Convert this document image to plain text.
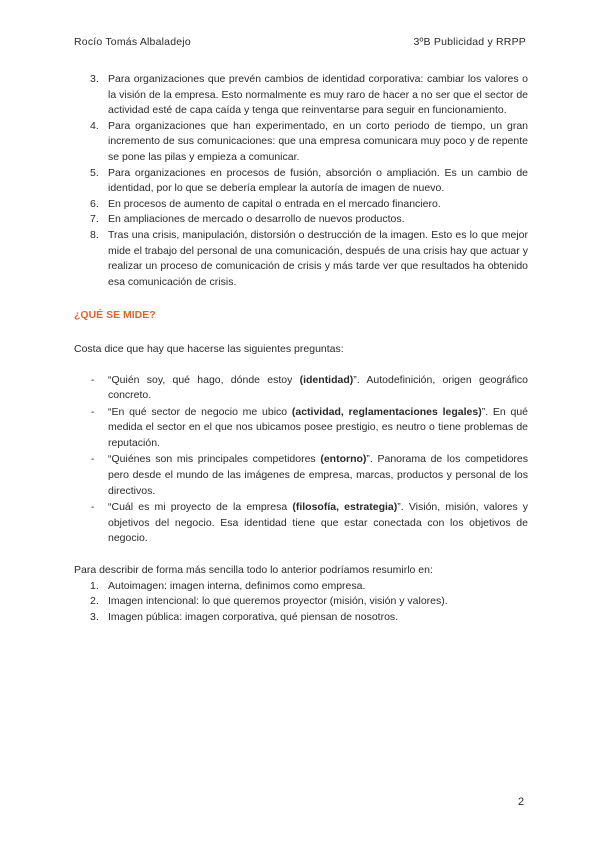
Rocío Tomás Albaladejo	3ºB Publicidad y RRPP
3. Para organizaciones que prevén cambios de identidad corporativa: cambiar los valores o la visión de la empresa. Esto normalmente es muy raro de hacer a no ser que el sector de actividad esté de capa caída y tenga que reinventarse para seguir en funcionamiento.
4. Para organizaciones que han experimentado, en un corto periodo de tiempo, un gran incremento de sus comunicaciones: que una empresa comunicara muy poco y de repente se pone las pilas y empieza a comunicar.
5. Para organizaciones en procesos de fusión, absorción o ampliación. Es un cambio de identidad, por lo que se debería emplear la autoría de imagen de nuevo.
6. En procesos de aumento de capital o entrada en el mercado financiero.
7. En ampliaciones de mercado o desarrollo de nuevos productos.
8. Tras una crisis, manipulación, distorsión o destrucción de la imagen. Esto es lo que mejor mide el trabajo del personal de una comunicación, después de una crisis hay que actuar y realizar un proceso de comunicación de crisis y más tarde ver que resultados ha obtenido esa comunicación de crisis.
¿QUÉ SE MIDE?

Costa dice que hay que hacerse las siguientes preguntas:

- “Quién soy, qué hago, dónde estoy (identidad)”. Autodefinición, origen geográfico concreto.
- “En qué sector de negocio me ubico (actividad, reglamentaciones legales)”. En qué medida el sector en el que nos ubicamos posee prestigio, es neutro o tiene problemas de reputación.
- “Quiénes son mis principales competidores (entorno)”. Panorama de los competidores pero desde el mundo de las imágenes de empresa, marcas, productos y personal de los directivos.
- “Cuál es mi proyecto de la empresa (filosofía, estrategia)”. Visión, misión, valores y objetivos del negocio. Esa identidad tiene que estar conectada con los objetivos de negocio.

Para describir de forma más sencilla todo lo anterior podríamos resumirlo en:

1. Autoimagen: imagen interna, definimos como empresa.
2. Imagen intencional: lo que queremos proyector (misión, visión y valores).
3. Imagen pública: imagen corporativa, qué piensan de nosotros.
2
